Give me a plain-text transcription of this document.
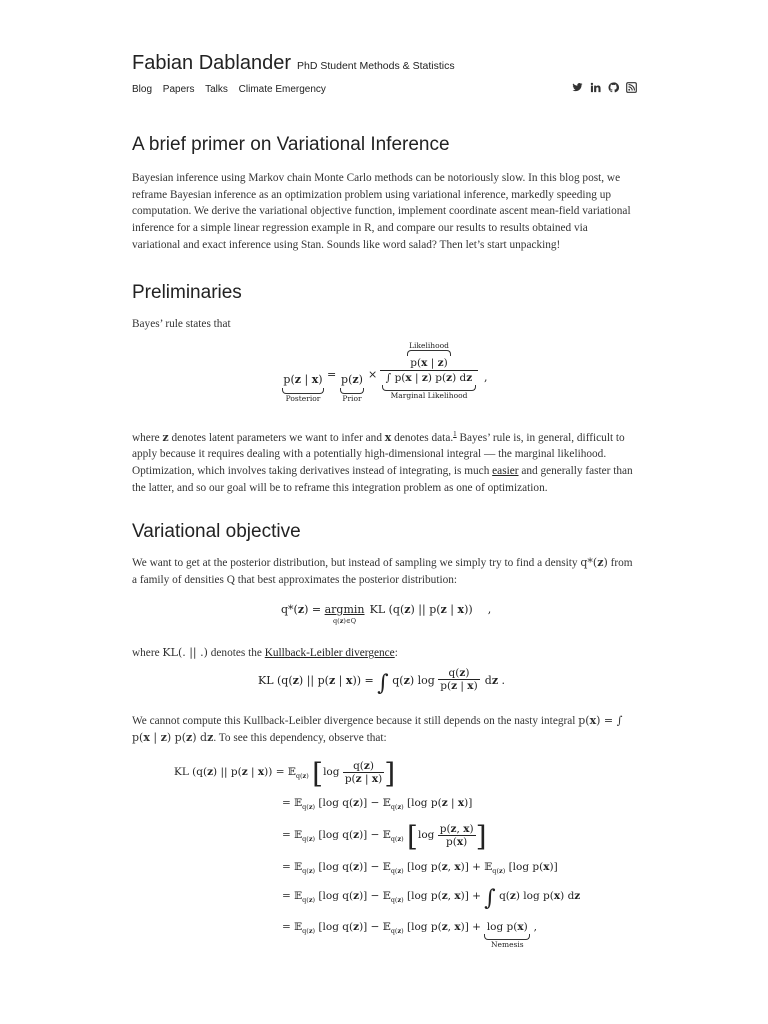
Fabian Dablander PhD Student Methods & Statistics
Blog Papers Talks Climate Emergency
A brief primer on Variational Inference

Bayesian inference using Markov chain Monte Carlo methods can be notoriously slow. In this blog post, we reframe Bayesian inference as an optimization problem using variational inference, markedly speeding up computation. We derive the variational objective function, implement coordinate ascent mean-field variational inference for a simple linear regression example in R, and compare our results to results obtained via variational and exact inference using Stan. Sounds like word salad? Then let’s start unpacking!

Preliminaries

Bayes’ rule states that

p(z | x)
Posterior
= p(z)
Prior
×
Likelihood
p(x | z)
∫ p(x | z) p(z) dz
Marginal Likelihood
,

where z denotes latent parameters we want to infer and x denotes data.$^1$ Bayes’ rule is, in general, difficult to apply because it requires dealing with a potentially high-dimensional integral — the marginal likelihood. Optimization, which involves taking derivatives instead of integrating, is much easier and generally faster than the latter, and so our goal will be to reframe this integration problem as one of optimization.

Variational objective

We want to get at the posterior distribution, but instead of sampling we simply try to find a density q*(z) from a family of densities Q that best approximates the posterior distribution:

q*(z) = argmin
q(z)∈Q
KL (q(z) || p(z | x)) ,

where KL(. || .) denotes the Kullback-Leibler divergence:

KL (q(z) || p(z | x)) = ∫ q(z) $\log \frac{q(z)}{p(z | x)}$ dz .

We cannot compute this Kullback-Leibler divergence because it still depends on the nasty integral p(x) = ∫ p(x | z) p(z) dz. To see this dependency, observe that:

KL (q(z) || p(z | x)) = 𝔼$_{q(z)}$ [$\log \frac{q(z)}{p(z | x)}$ ]
= 𝔼$_{q(z)}$ [log q(z)] − 𝔼$_{q(z)}$ [log p(z | x)]
= 𝔼$_{q(z)}$ [log q(z)] − 𝔼$_{q(z)}$ [$\log \frac{p(z, x)}{p(x)}$ ]
= 𝔼$_{q(z)}$ [log q(z)] − 𝔼$_{q(z)}$ [log p(z, x)] + 𝔼$_{q(z)}$ [log p(x)]
= 𝔼$_{q(z)}$ [log q(z)] − 𝔼$_{q(z)}$ [log p(z, x)] + ∫ q(z) log p(x) dz
= 𝔼$_{q(z)}$ [log q(z)] − 𝔼$_{q(z)}$ [log p(z, x)] + log p(x)
Nemesis
,
